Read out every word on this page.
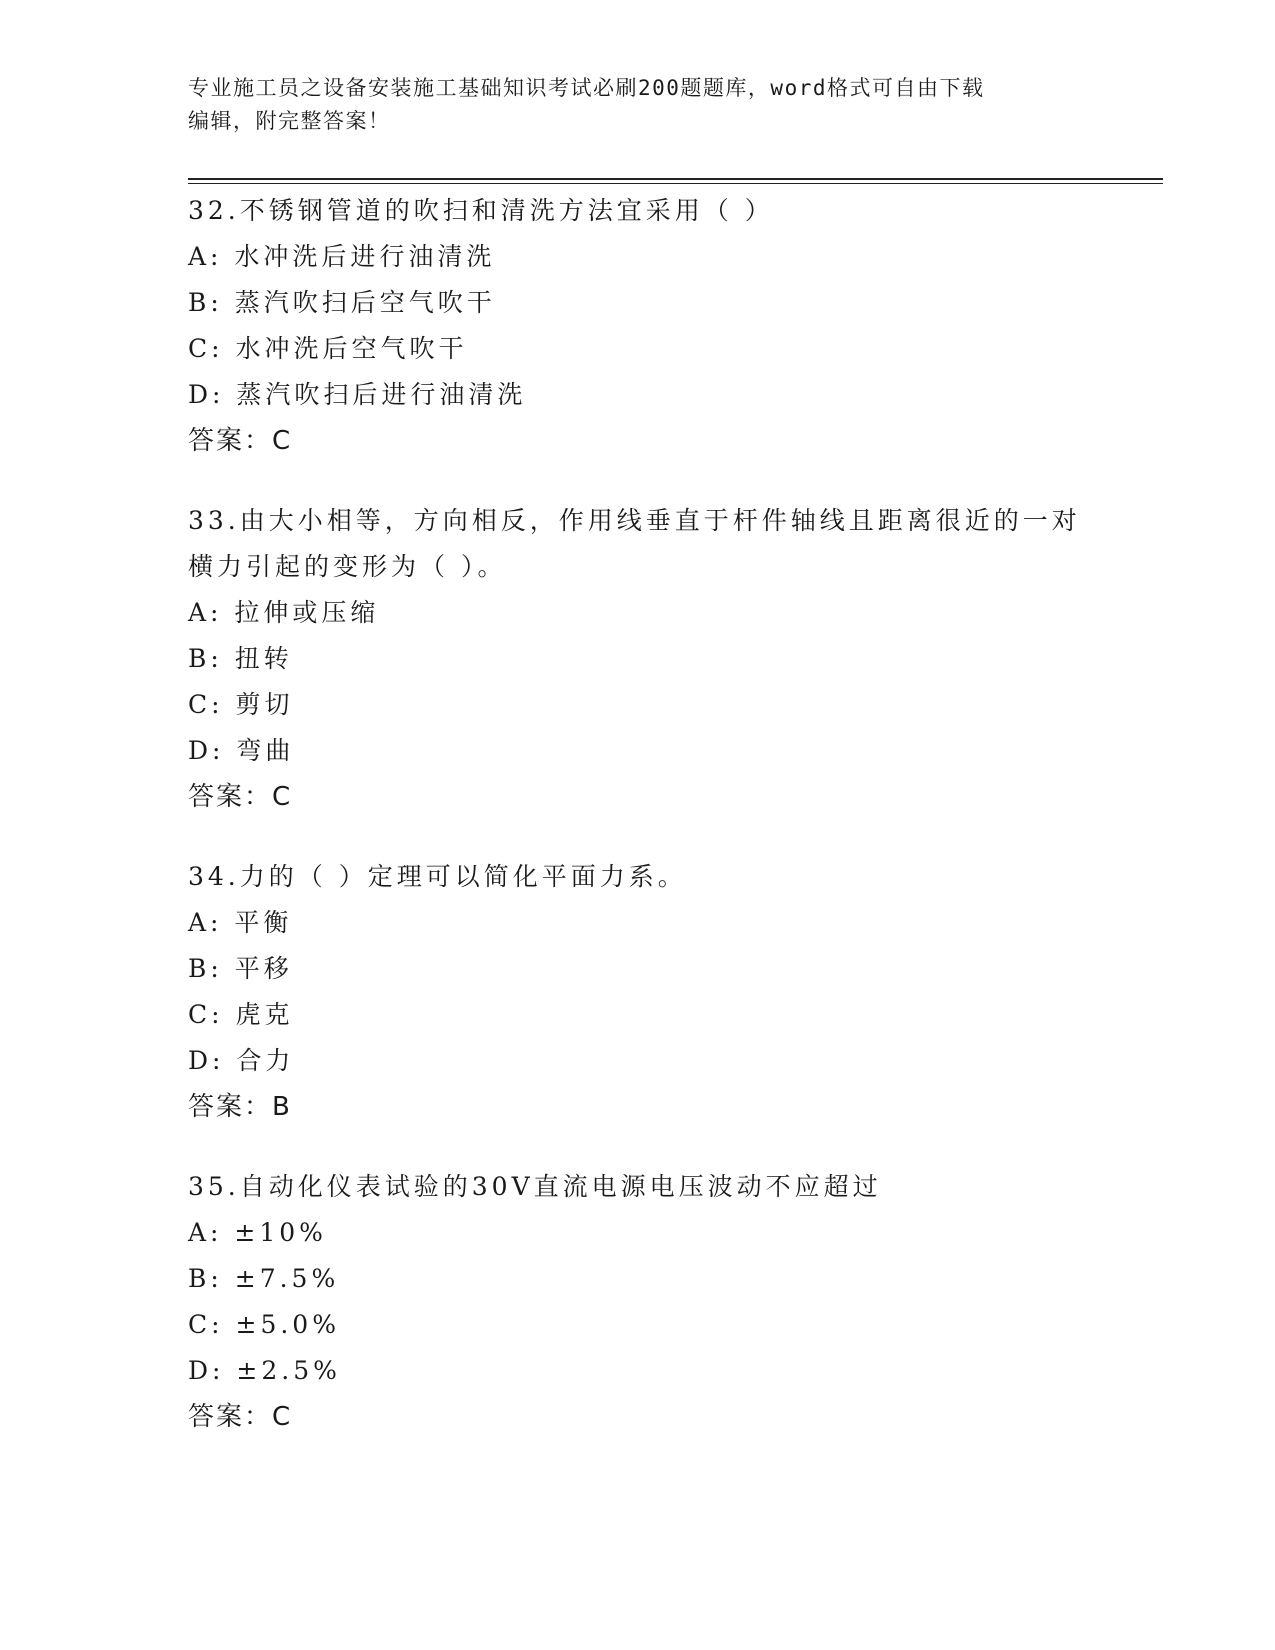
专业施工员之设备安装施工基础知识考试必刷200题题库，word格式可自由下载
编辑，附完整答案！

32.不锈钢管道的吹扫和清洗方法宜采用（ ）

A: 水冲洗后进行油清洗

B: 蒸汽吹扫后空气吹干

C: 水冲洗后空气吹干

D: 蒸汽吹扫后进行油清洗

答案：C

33.由大小相等，方向相反，作用线垂直于杆件轴线且距离很近的一对横力引起的变形为（ ）。

A: 拉伸或压缩

B: 扭转

C: 剪切

D: 弯曲

答案：C

34.力的（ ）定理可以简化平面力系。

A: 平衡

B: 平移

C: 虎克

D: 合力

答案：B

35.自动化仪表试验的30V直流电源电压波动不应超过

A: ±10%

B: ±7.5%

C: ±5.0%

D: ±2.5%

答案：C
